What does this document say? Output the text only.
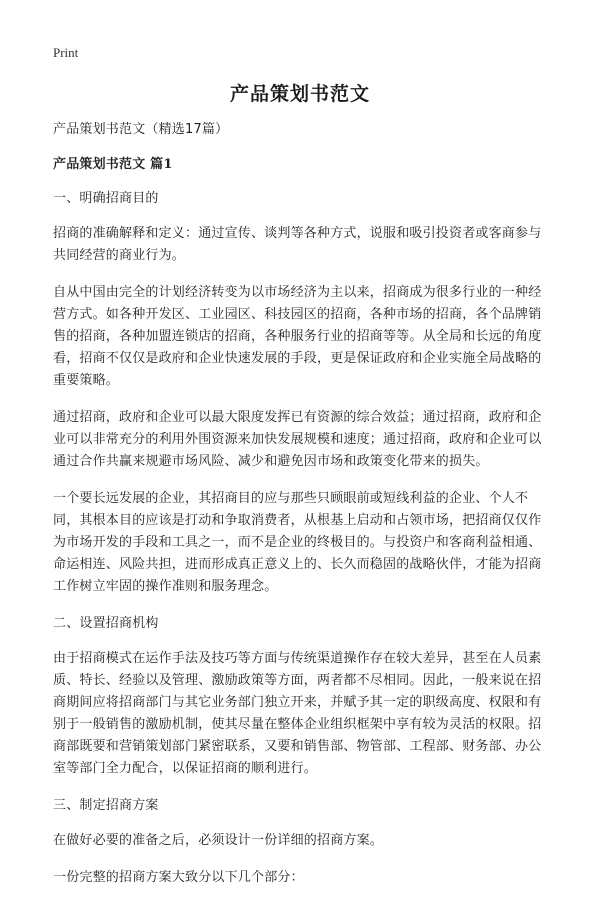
Print
产品策划书范文

产品策划书范文（精选17篇）

产品策划书范文 篇1

一、明确招商目的

招商的准确解释和定义：通过宣传、谈判等各种方式，说服和吸引投资者或客商参与共同经营的商业行为。

自从中国由完全的计划经济转变为以市场经济为主以来，招商成为很多行业的一种经营方式。如各种开发区、工业园区、科技园区的招商，各种市场的招商，各个品牌销售的招商，各种加盟连锁店的招商，各种服务行业的招商等等。从全局和长远的角度看，招商不仅仅是政府和企业快速发展的手段，更是保证政府和企业实施全局战略的重要策略。

通过招商，政府和企业可以最大限度发挥已有资源的综合效益；通过招商，政府和企业可以非常充分的利用外围资源来加快发展规模和速度；通过招商，政府和企业可以通过合作共赢来规避市场风险、减少和避免因市场和政策变化带来的损失。

一个要长远发展的企业，其招商目的应与那些只顾眼前或短线利益的企业、个人不同，其根本目的应该是打动和争取消费者，从根基上启动和占领市场，把招商仅仅作为市场开发的手段和工具之一，而不是企业的终极目的。与投资户和客商利益相通、命运相连、风险共担，进而形成真正意义上的、长久而稳固的战略伙伴，才能为招商工作树立牢固的操作准则和服务理念。

二、设置招商机构

由于招商模式在运作手法及技巧等方面与传统渠道操作存在较大差异，甚至在人员素质、特长、经验以及管理、激励政策等方面，两者都不尽相同。因此，一般来说在招商期间应将招商部门与其它业务部门独立开来，并赋予其一定的职级高度、权限和有别于一般销售的激励机制，使其尽量在整体企业组织框架中享有较为灵活的权限。招商部既要和营销策划部门紧密联系，又要和销售部、物管部、工程部、财务部、办公室等部门全力配合，以保证招商的顺利进行。

三、制定招商方案

在做好必要的准备之后，必须设计一份详细的招商方案。

一份完整的招商方案大致分以下几个部分：
